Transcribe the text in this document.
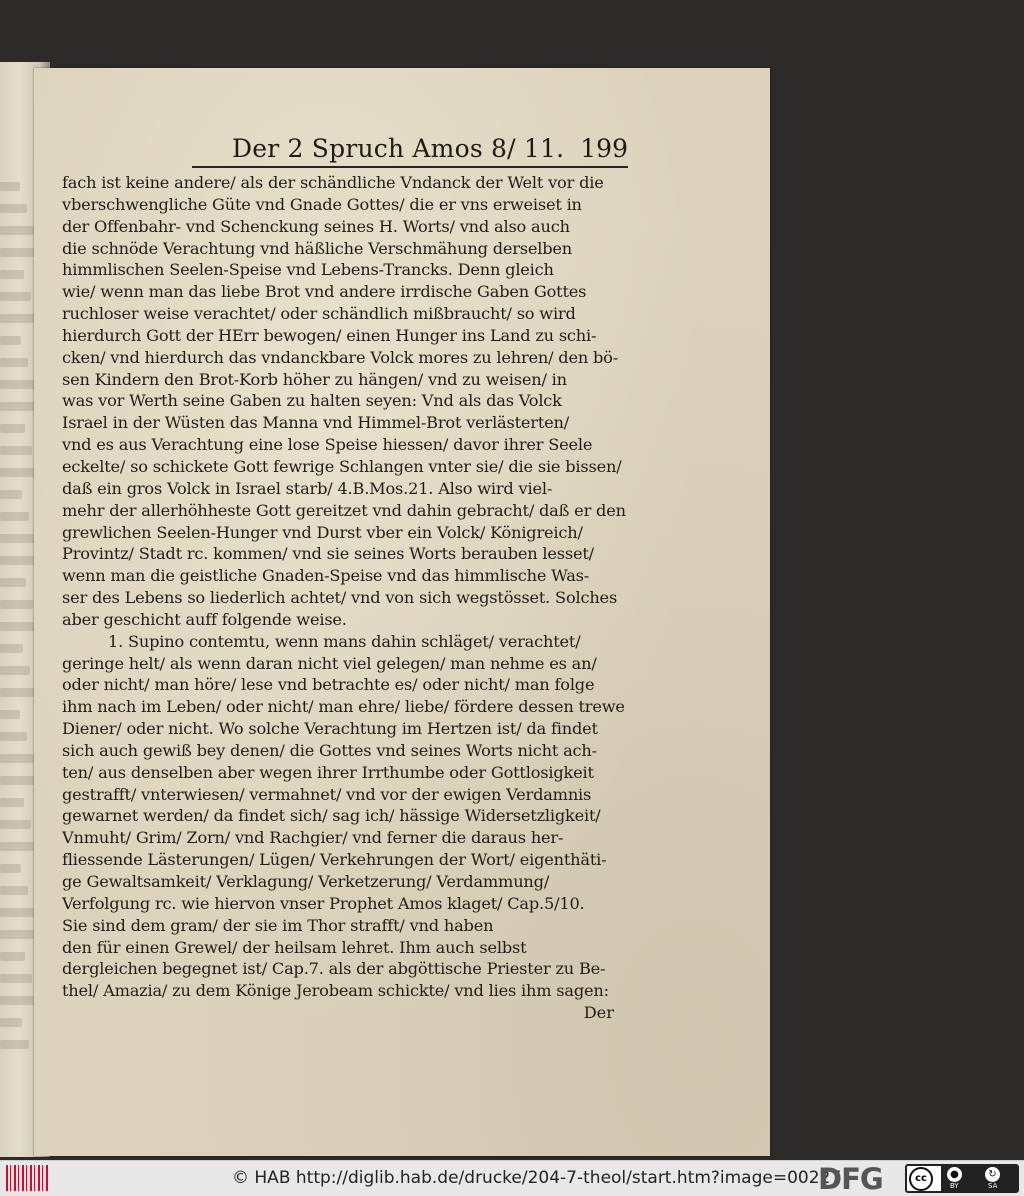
Der 2 Spruch Amos 8/ 11. 199
fach ist keine andere/ als der schändliche Vndanck der Welt vor die
vberschwengliche Güte vnd Gnade Gottes/ die er vns erweiset in
der Offenbahr- vnd Schenckung seines H. Worts/ vnd also auch
die schnöde Verachtung vnd häßliche Verschmähung derselben
himmlischen Seelen-Speise vnd Lebens-Trancks. Denn gleich
wie/ wenn man das liebe Brot vnd andere irrdische Gaben Gottes
ruchloser weise verachtet/ oder schändlich mißbraucht/ so wird
hierdurch Gott der HErr bewogen/ einen Hunger ins Land zu schi-
cken/ vnd hierdurch das vndanckbare Volck mores zu lehren/ den bö-
sen Kindern den Brot-Korb höher zu hängen/ vnd zu weisen/ in
was vor Werth seine Gaben zu halten seyen: Vnd als das Volck
Israel in der Wüsten das Manna vnd Himmel-Brot verlästerten/
vnd es aus Verachtung eine lose Speise hiessen/ davor ihrer Seele
eckelte/ so schickete Gott fewrige Schlangen vnter sie/ die sie bissen/
daß ein gros Volck in Israel starb/ 4.B.Mos.21. Also wird viel-
mehr der allerhöhheste Gott gereitzet vnd dahin gebracht/ daß er den
grewlichen Seelen-Hunger vnd Durst vber ein Volck/ Königreich/
Provintz/ Stadt rc. kommen/ vnd sie seines Worts berauben lesset/
wenn man die geistliche Gnaden-Speise vnd das himmlische Was-
ser des Lebens so liederlich achtet/ vnd von sich wegstösset. Solches
aber geschicht auff folgende weise.
1. Supino contemtu, wenn mans dahin schläget/ verachtet/
geringe helt/ als wenn daran nicht viel gelegen/ man nehme es an/
oder nicht/ man höre/ lese vnd betrachte es/ oder nicht/ man folge
ihm nach im Leben/ oder nicht/ man ehre/ liebe/ fördere dessen trewe
Diener/ oder nicht. Wo solche Verachtung im Hertzen ist/ da findet
sich auch gewiß bey denen/ die Gottes vnd seines Worts nicht ach-
ten/ aus denselben aber wegen ihrer Irrthumbe oder Gottlosigkeit
gestrafft/ vnterwiesen/ vermahnet/ vnd vor der ewigen Verdamnis
gewarnet werden/ da findet sich/ sag ich/ hässige Widersetzligkeit/
Vnmuht/ Grim/ Zorn/ vnd Rachgier/ vnd ferner die daraus her-
fliessende Lästerungen/ Lügen/ Verkehrungen der Wort/ eigenthäti-
ge Gewaltsamkeit/ Verklagung/ Verketzerung/ Verdammung/
Verfolgung rc. wie hiervon vnser Prophet Amos klaget/ Cap.5/10.
Sie sind dem gram/ der sie im Thor strafft/ vnd haben
den für einen Grewel/ der heilsam lehret. Ihm auch selbst
dergleichen begegnet ist/ Cap.7. als der abgöttische Priester zu Be-
thel/ Amazia/ zu dem Könige Jerobeam schickte/ vnd lies ihm sagen:
Der
© HAB http://diglib.hab.de/drucke/204-7-theol/start.htm?image=00227
DFG	cc	●
BY
↻
SA
